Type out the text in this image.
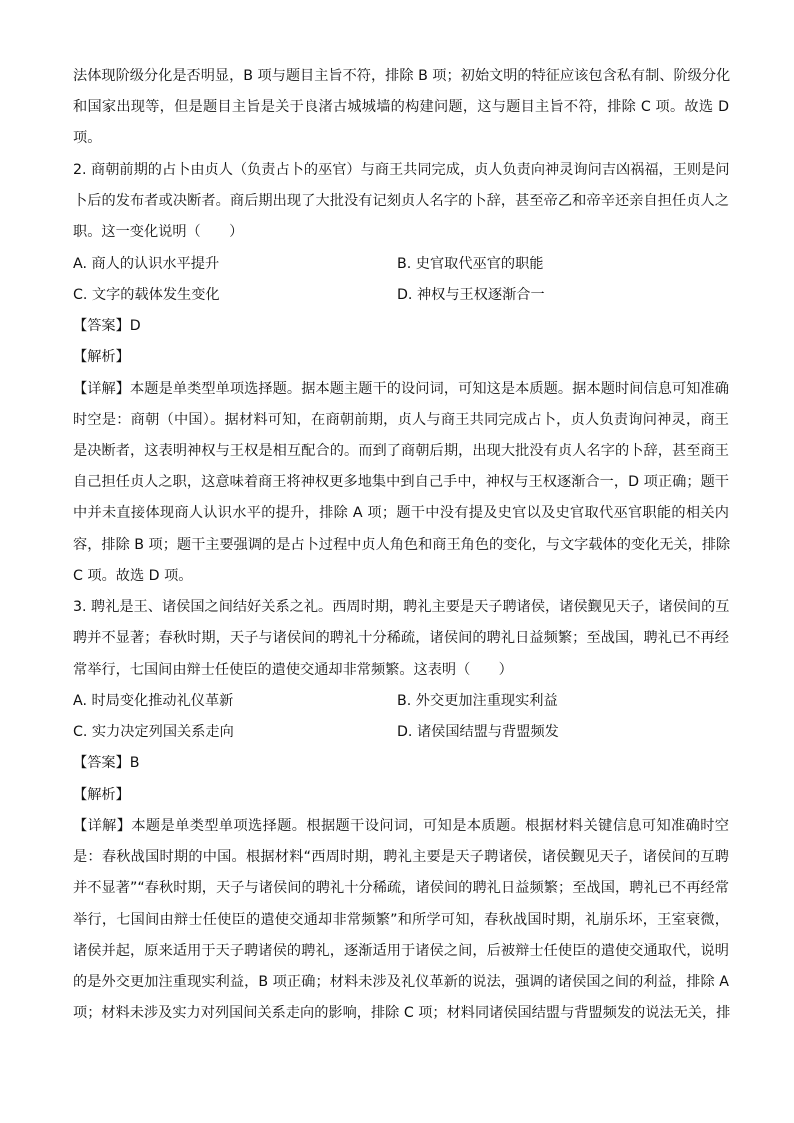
法体现阶级分化是否明显，B 项与题目主旨不符，排除 B 项；初始文明的特征应该包含私有制、阶级分化
和国家出现等，但是题目主旨是关于良渚古城城墙的构建问题，这与题目主旨不符，排除 C 项。故选 D
项。
2. 商朝前期的占卜由贞人（负责占卜的巫官）与商王共同完成，贞人负责向神灵询问吉凶祸福，王则是问
卜后的发布者或决断者。商后期出现了大批没有记刻贞人名字的卜辞，甚至帝乙和帝辛还亲自担任贞人之
职。这一变化说明（　　）
A. 商人的认识水平提升	B. 史官取代巫官的职能
C. 文字的载体发生变化	D. 神权与王权逐渐合一
【答案】D
【解析】
【详解】本题是单类型单项选择题。据本题主题干的设问词，可知这是本质题。据本题时间信息可知准确
时空是：商朝（中国）。据材料可知，在商朝前期，贞人与商王共同完成占卜，贞人负责询问神灵，商王
是决断者，这表明神权与王权是相互配合的。而到了商朝后期，出现大批没有贞人名字的卜辞，甚至商王
自己担任贞人之职，这意味着商王将神权更多地集中到自己手中，神权与王权逐渐合一，D 项正确；题干
中并未直接体现商人认识水平的提升，排除 A 项；题干中没有提及史官以及史官取代巫官职能的相关内
容，排除 B 项；题干主要强调的是占卜过程中贞人角色和商王角色的变化，与文字载体的变化无关，排除
C 项。故选 D 项。
3. 聘礼是王、诸侯国之间结好关系之礼。西周时期，聘礼主要是天子聘诸侯，诸侯觐见天子，诸侯间的互
聘并不显著；春秋时期，天子与诸侯间的聘礼十分稀疏，诸侯间的聘礼日益频繁；至战国，聘礼已不再经
常举行，七国间由辩士任使臣的遣使交通却非常频繁。这表明（　　）
A. 时局变化推动礼仪革新	B. 外交更加注重现实利益
C. 实力决定列国关系走向	D. 诸侯国结盟与背盟频发
【答案】B
【解析】
【详解】本题是单类型单项选择题。根据题干设问词，可知是本质题。根据材料关键信息可知准确时空
是：春秋战国时期的中国。根据材料“西周时期，聘礼主要是天子聘诸侯，诸侯觐见天子，诸侯间的互聘
并不显著”“春秋时期，天子与诸侯间的聘礼十分稀疏，诸侯间的聘礼日益频繁；至战国，聘礼已不再经常
举行，七国间由辩士任使臣的遣使交通却非常频繁”和所学可知，春秋战国时期，礼崩乐坏，王室衰微，
诸侯并起，原来适用于天子聘诸侯的聘礼，逐渐适用于诸侯之间，后被辩士任使臣的遣使交通取代，说明
的是外交更加注重现实利益，B 项正确；材料未涉及礼仪革新的说法，强调的诸侯国之间的利益，排除 A
项；材料未涉及实力对列国间关系走向的影响，排除 C 项；材料同诸侯国结盟与背盟频发的说法无关，排
